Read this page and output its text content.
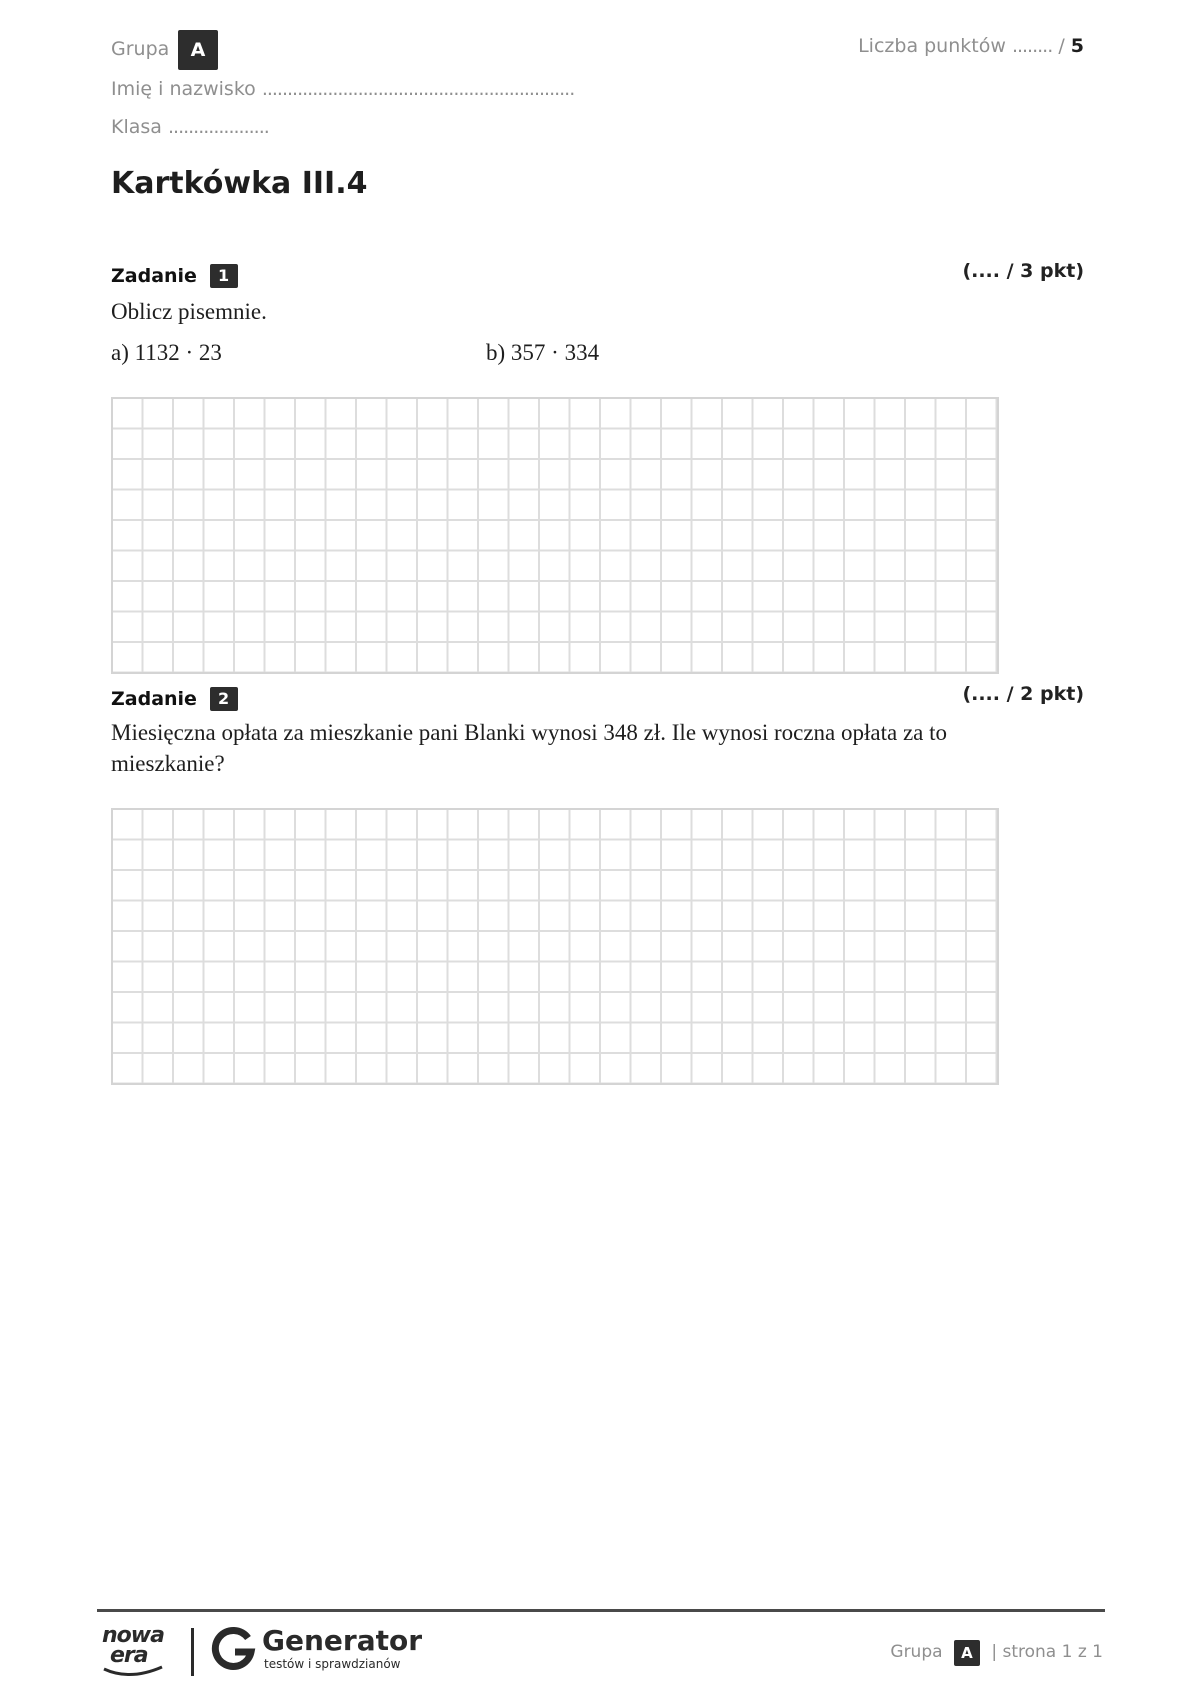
Grupa	A
Imię i nazwisko ..............................................................
Klasa ....................
Liczba punktów ........ / 5
Kartkówka III.4
Zadanie 1	(.... / 3 pkt)
Oblicz pisemnie.
a) 1132 · 23	b) 357 · 334
Zadanie 2	(.... / 2 pkt)
Miesięczna opłata za mieszkanie pani Blanki wynosi 348 zł. Ile wynosi roczna opłata za to mieszkanie?
nowa
era	Generator
testów i sprawdzianów
Grupa A | strona 1 z 1
